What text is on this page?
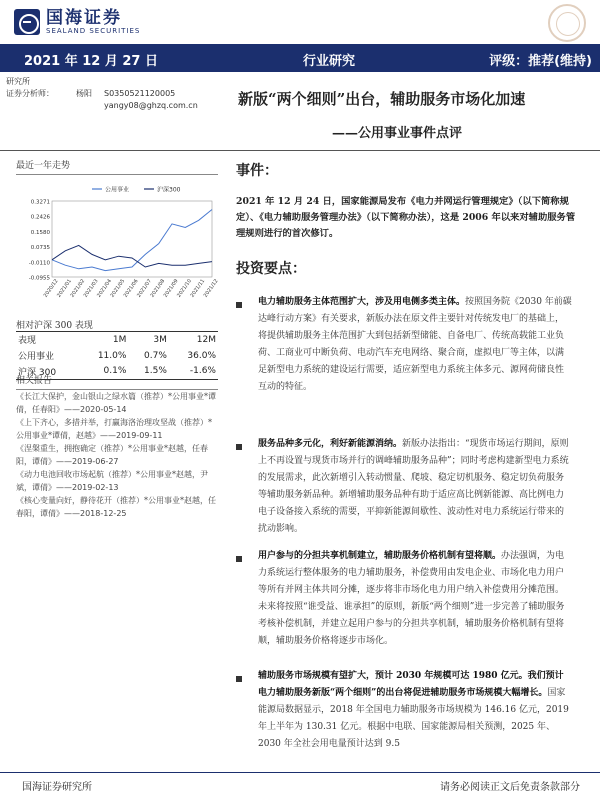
国海证券
SEALAND SECURITIES
2021 年 12 月 27 日	行业研究	评级：推荐(维持)
研究所
证券分析师：	杨阳	S0350521120005
yangy08@ghzq.com.cn	新版“两个细则”出台，辅助服务市场化加速
——公用事业事件点评
最近一年走势
0.3271
0.2426
0.1580
0.0735
-0.0110
-0.0955
2020/12
2021/01
2021/02
2021/03
2021/04
2021/05
2021/06
2021/07
2021/08
2021/09
2021/10
2021/11
2021/12
公用事业	沪深300
相对沪深 300 表现
表现	1M	3M	12M
公用事业	11.0%	0.7%	36.0%
沪深 300	0.1%	1.5%	-1.6%
相关报告
《长江大保护，金山银山之绿水篇（推荐）*公用事业*谭倩，任春阳》——2020-05-14
《上下齐心，多措并举，打赢海洛治理攻坚战（推荐）*公用事业*谭倩，赵越》——2019-09-11
《涅槃重生，拥抱确定（推荐）*公用事业*赵越，任春阳，谭倩》——2019-06-27
《动力电池回收市场起航（推荐）*公用事业*赵越，尹斌，谭倩》——2019-02-13
《核心变量向好，静待花开（推荐）*公用事业*赵越，任春阳，谭倩》——2018-12-25
事件：
2021 年 12 月 24 日，国家能源局发布《电力并网运行管理规定》（以下简称规定）、《电力辅助服务管理办法》（以下简称办法），这是 2006 年以来对辅助服务管理规则进行的首次修订。
投资要点：
电力辅助服务主体范围扩大，涉及用电侧多类主体。按照国务院《2030 年前碳达峰行动方案》有关要求，新版办法在原文件主要针对传统发电厂的基础上，将提供辅助服务主体范围扩大到包括新型储能、自备电厂、传统高载能工业负荷、工商业可中断负荷、电动汽车充电网络、聚合商，虚拟电厂等主体，以满足新型电力系统的建设运行需要，适应新型电力系统主体多元、源网荷储良性互动的特征。
服务品种多元化，利好新能源消纳。新版办法指出：“现货市场运行期间，原则上不再设置与现货市场并行的调峰辅助服务品种”；同时考虑构建新型电力系统的发展需求，此次新增引入转动惯量、爬坡、稳定切机服务、稳定切负荷服务等辅助服务新品种。新增辅助服务品种有助于适应高比例新能源、高比例电力电子设备接入系统的需要，平抑新能源间歇性、波动性对电力系统运行带来的扰动影响。
用户参与的分担共享机制建立，辅助服务价格机制有望将顺。办法强调，为电力系统运行整体服务的电力辅助服务，补偿费用由发电企业、市场化电力用户等所有并网主体共同分摊，逐步将非市场化电力用户纳入补偿费用分摊范围。未来将按照“谁受益、谁承担”的原则，新版“两个细则”进一步完善了辅助服务考核补偿机制，并建立起用户参与的分担共享机制，辅助服务价格机制有望将顺，辅助服务价格将逐步市场化。
辅助服务市场规模有望扩大，预计 2030 年规模可达 1980 亿元。我们预计电力辅助服务新版“两个细则”的出台将促进辅助服务市场规模大幅增长。国家能源局数据显示，2018 年全国电力辅助服务市场规模为 146.16 亿元，2019 年上半年为 130.31 亿元。根据中电联、国家能源局相关预测，2025 年、2030 年全社会用电量预计达到 9.5
国海证券研究所	请务必阅读正文后免责条款部分
